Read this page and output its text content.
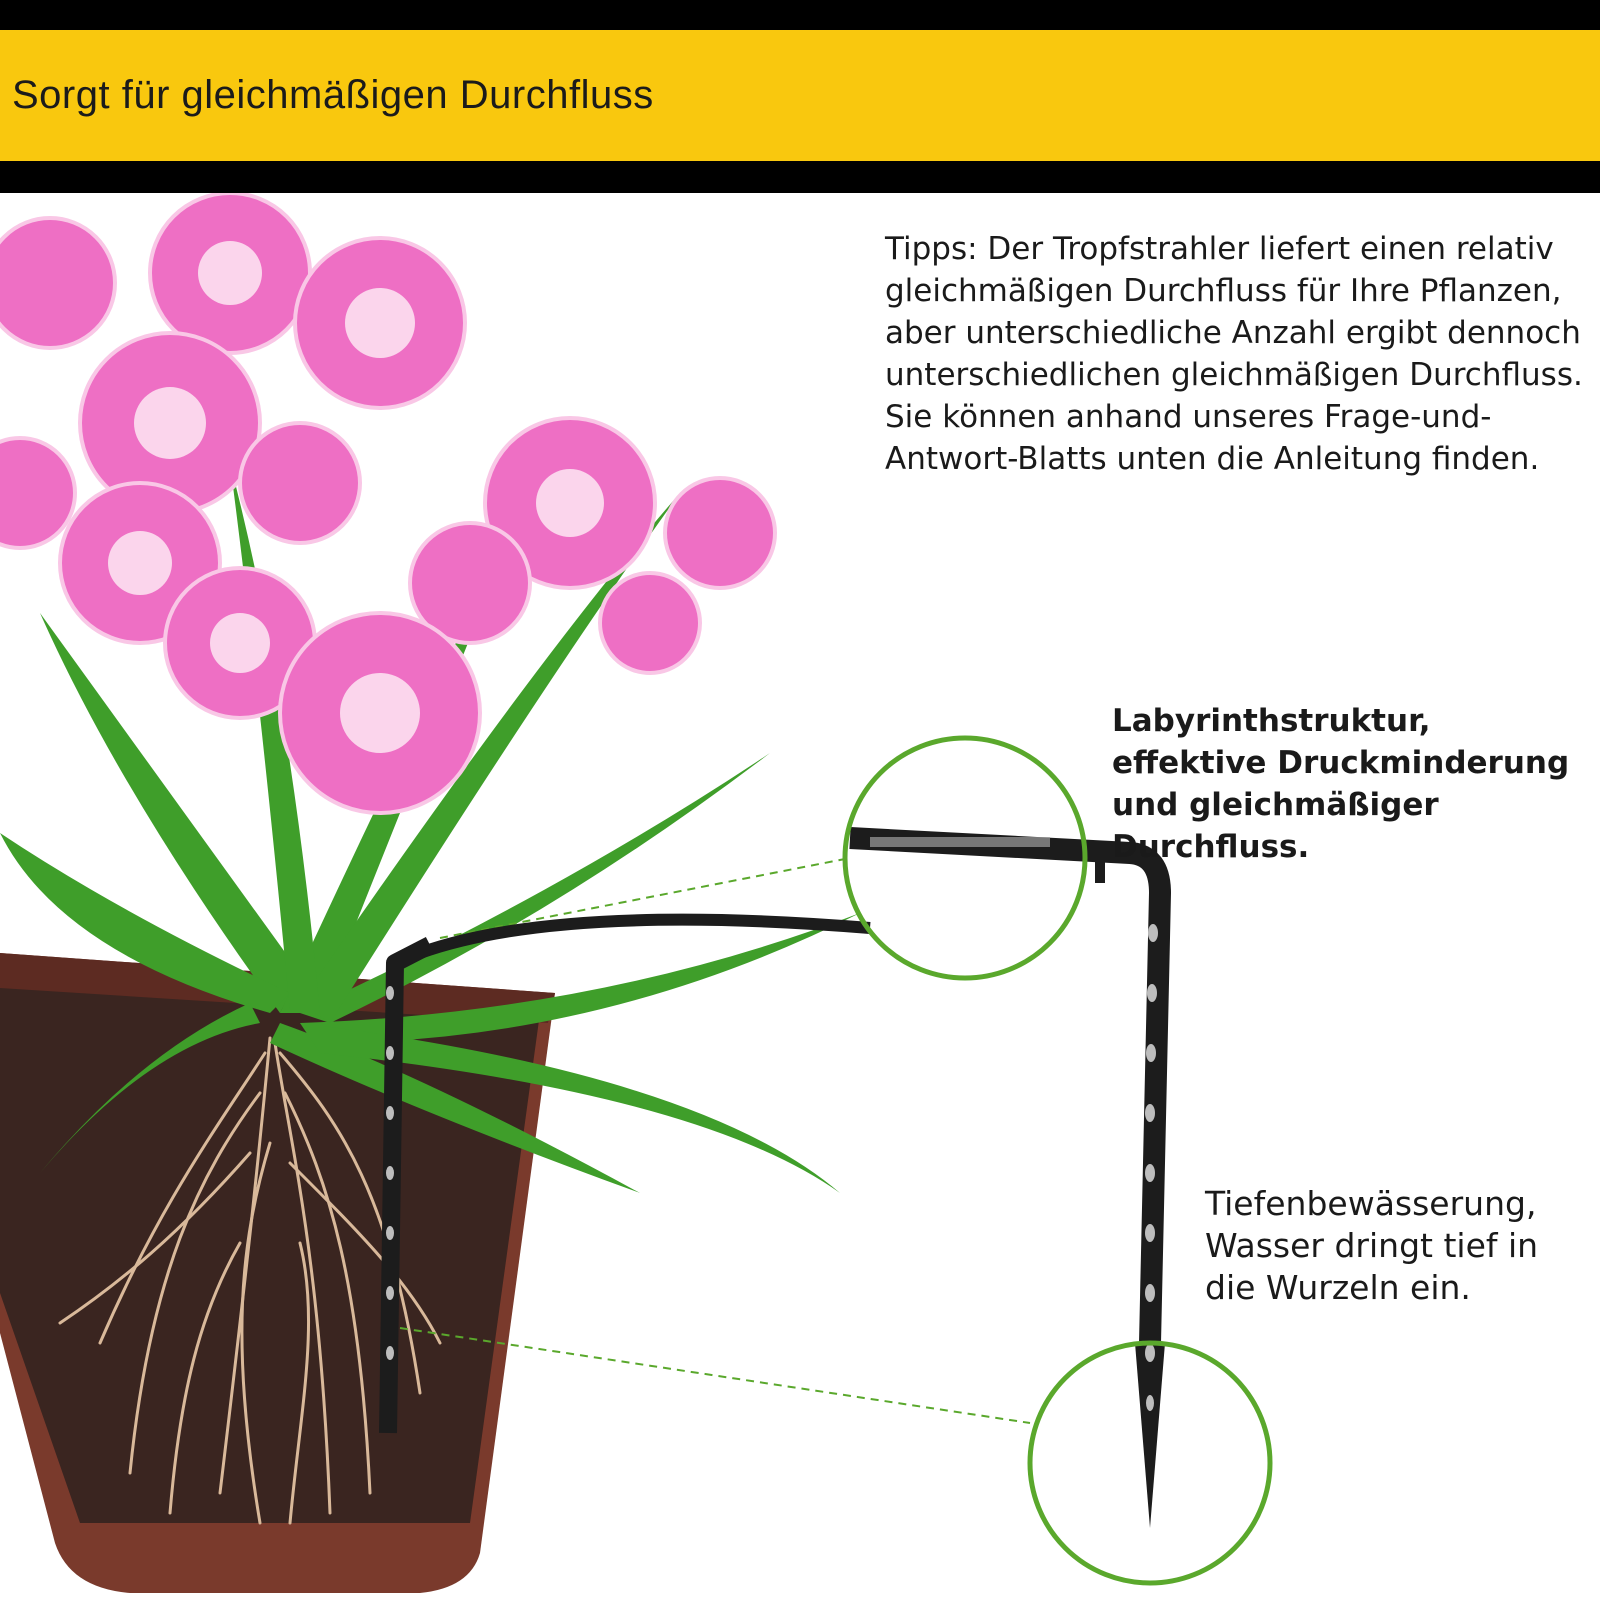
Sorgt für gleichmäßigen Durchfluss
Tipps: Der Tropfstrahler liefert einen relativ gleichmäßigen Durchfluss für Ihre Pflanzen, aber unterschiedliche Anzahl ergibt dennoch unterschiedlichen gleichmäßigen Durchfluss. Sie können anhand unseres Frage-und-Antwort-Blatts unten die Anleitung finden.
Labyrinthstruktur, effektive Druckminderung und gleichmäßiger Durchfluss.
Tiefenbewässerung, Wasser dringt tief in die Wurzeln ein.
